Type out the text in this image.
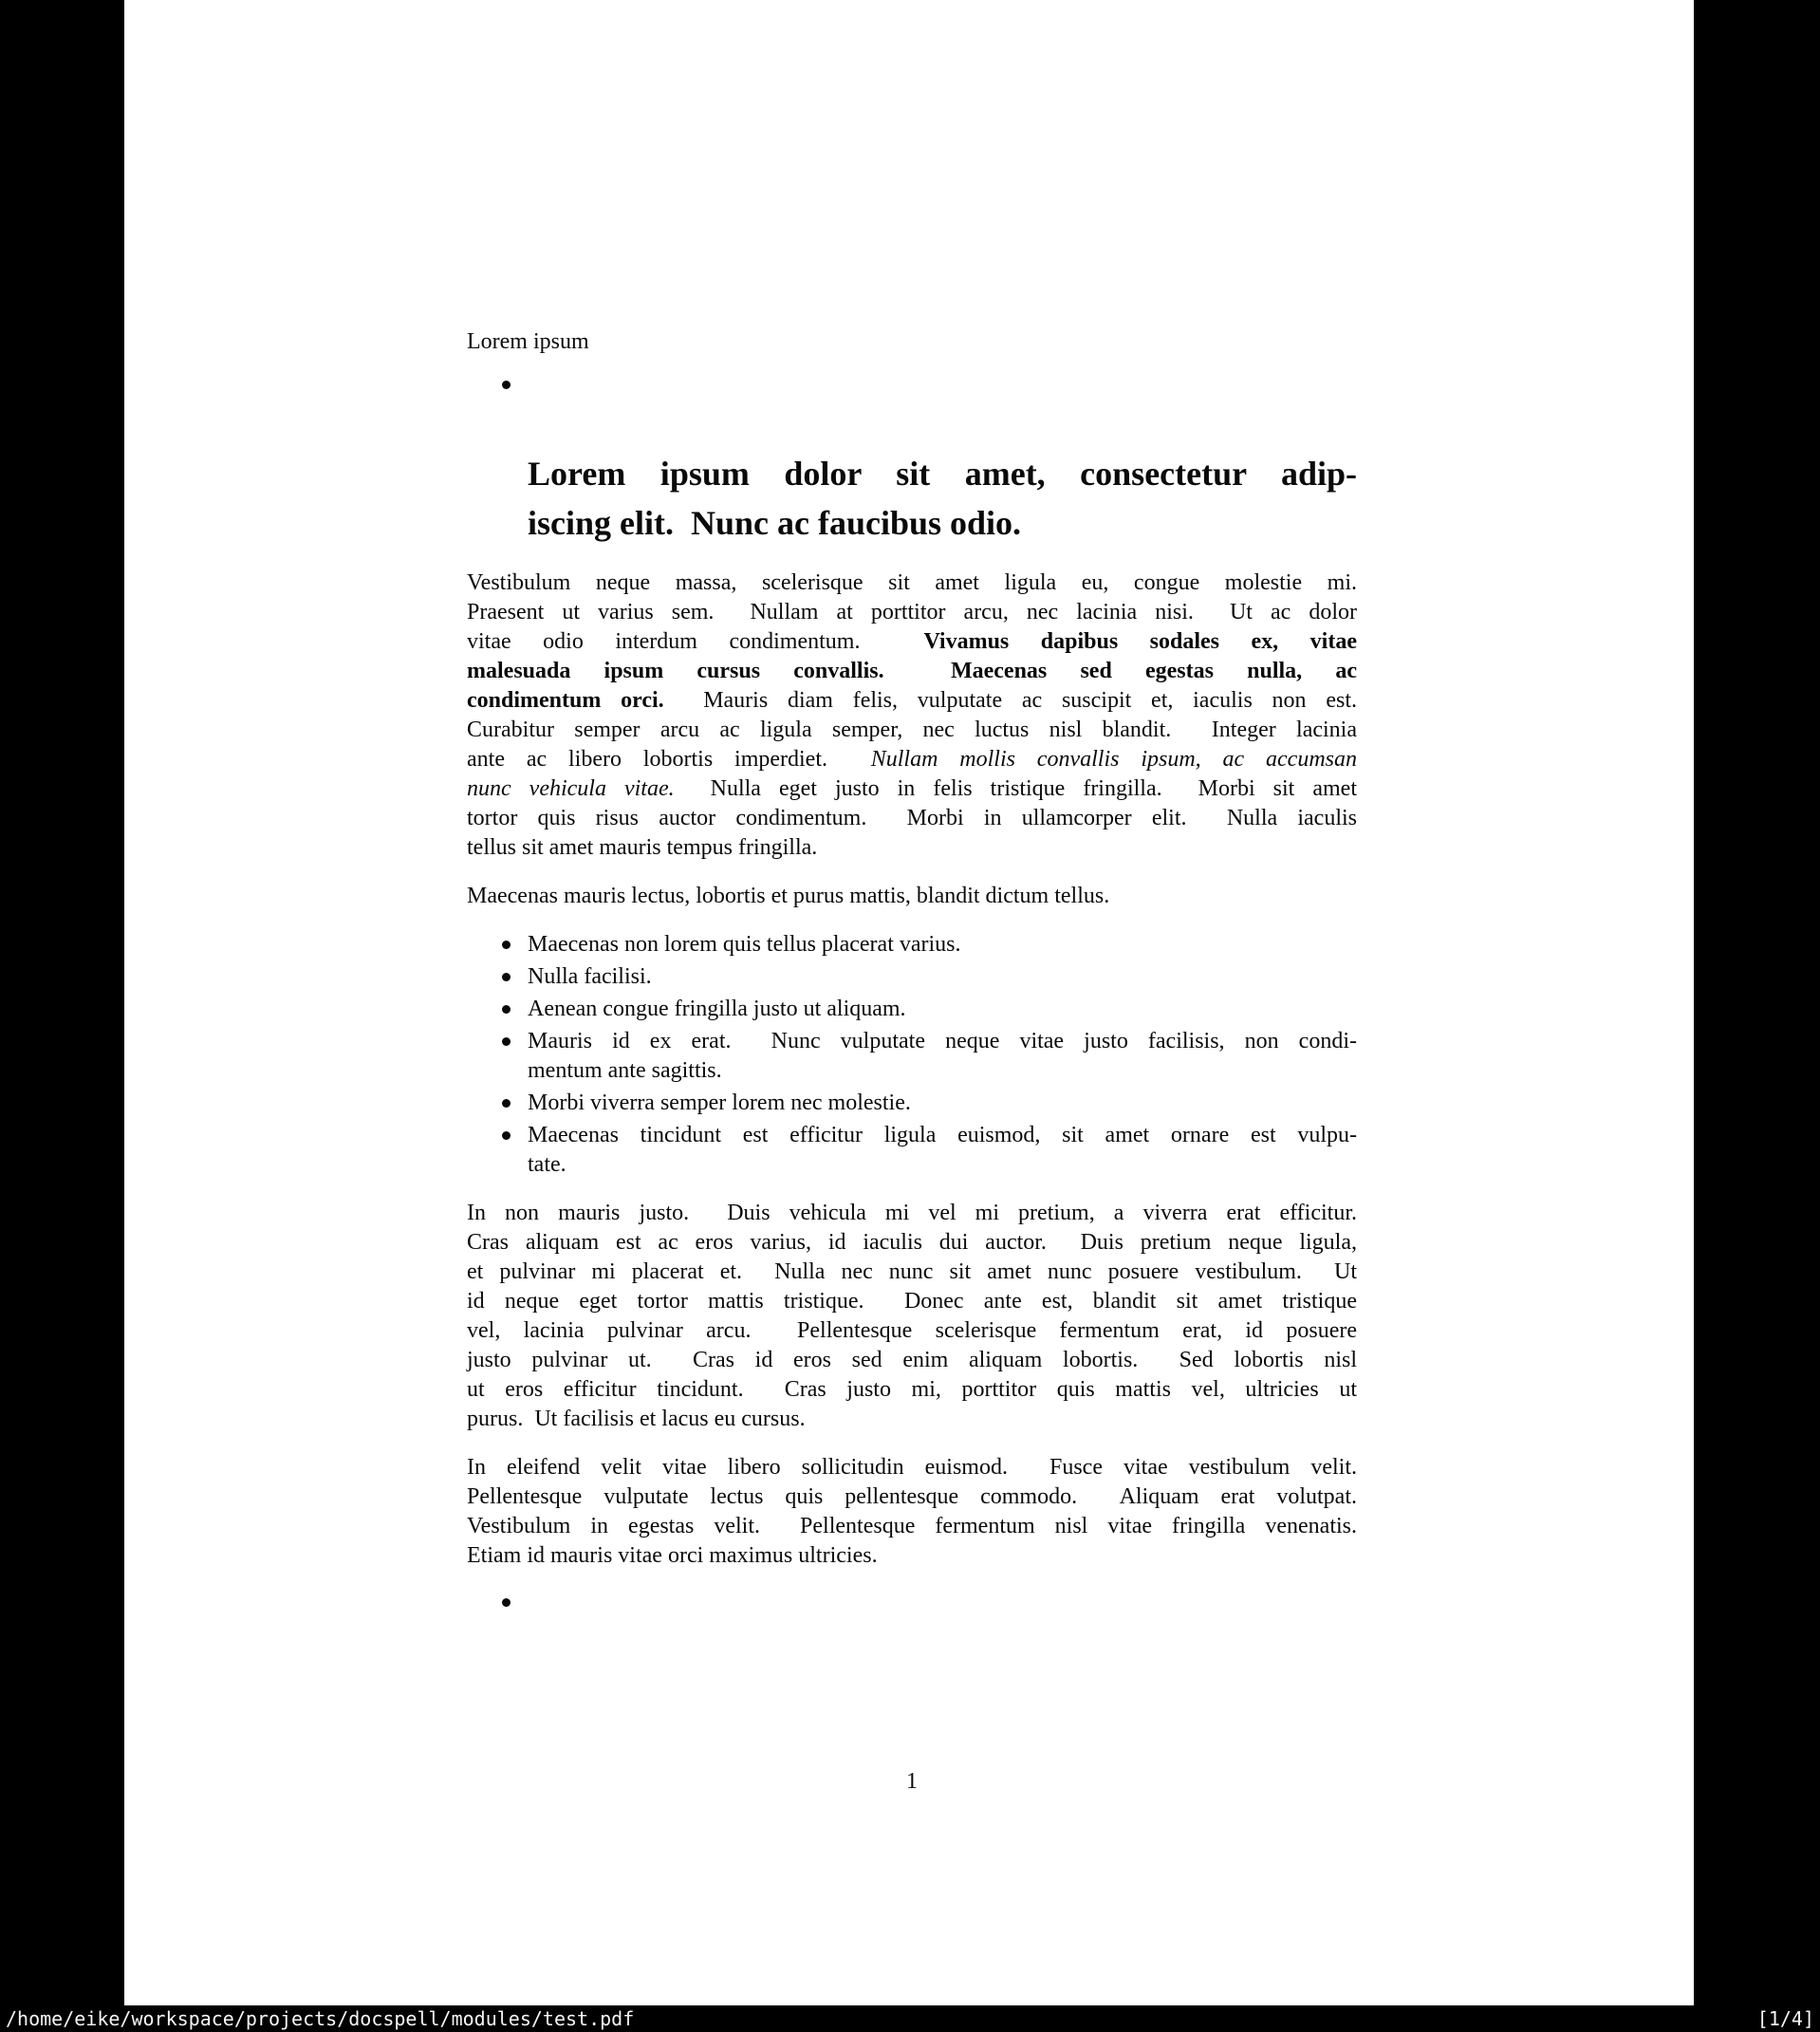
Lorem ipsum
Lorem ipsum dolor sit amet, consectetur adip-
iscing elit.  Nunc ac faucibus odio.
Vestibulum neque massa, scelerisque sit amet ligula eu, congue molestie mi.
Praesent ut varius sem.  Nullam at porttitor arcu, nec lacinia nisi.  Ut ac dolor
vitae odio interdum condimentum.  Vivamus dapibus sodales ex, vitae
malesuada ipsum cursus convallis.  Maecenas sed egestas nulla, ac
condimentum orci.  Mauris diam felis, vulputate ac suscipit et, iaculis non est.
Curabitur semper arcu ac ligula semper, nec luctus nisl blandit.  Integer lacinia
ante ac libero lobortis imperdiet.  Nullam mollis convallis ipsum, ac accumsan
nunc vehicula vitae.  Nulla eget justo in felis tristique fringilla.  Morbi sit amet
tortor quis risus auctor condimentum.  Morbi in ullamcorper elit.  Nulla iaculis
tellus sit amet mauris tempus fringilla.
Maecenas mauris lectus, lobortis et purus mattis, blandit dictum tellus.
Maecenas non lorem quis tellus placerat varius.
Nulla facilisi.
Aenean congue fringilla justo ut aliquam.
Mauris id ex erat.  Nunc vulputate neque vitae justo facilisis, non condi-
mentum ante sagittis.
Morbi viverra semper lorem nec molestie.
Maecenas tincidunt est efficitur ligula euismod, sit amet ornare est vulpu-
tate.
In non mauris justo.  Duis vehicula mi vel mi pretium, a viverra erat efficitur.
Cras aliquam est ac eros varius, id iaculis dui auctor.  Duis pretium neque ligula,
et pulvinar mi placerat et.  Nulla nec nunc sit amet nunc posuere vestibulum.  Ut
id neque eget tortor mattis tristique.  Donec ante est, blandit sit amet tristique
vel, lacinia pulvinar arcu.  Pellentesque scelerisque fermentum erat, id posuere
justo pulvinar ut.  Cras id eros sed enim aliquam lobortis.  Sed lobortis nisl
ut eros efficitur tincidunt.  Cras justo mi, porttitor quis mattis vel, ultricies ut
purus.  Ut facilisis et lacus eu cursus.
In eleifend velit vitae libero sollicitudin euismod.  Fusce vitae vestibulum velit.
Pellentesque vulputate lectus quis pellentesque commodo.  Aliquam erat volutpat.
Vestibulum in egestas velit.  Pellentesque fermentum nisl vitae fringilla venenatis.
Etiam id mauris vitae orci maximus ultricies.
1
/home/eike/workspace/projects/docspell/modules/test.pdf	[1/4]
